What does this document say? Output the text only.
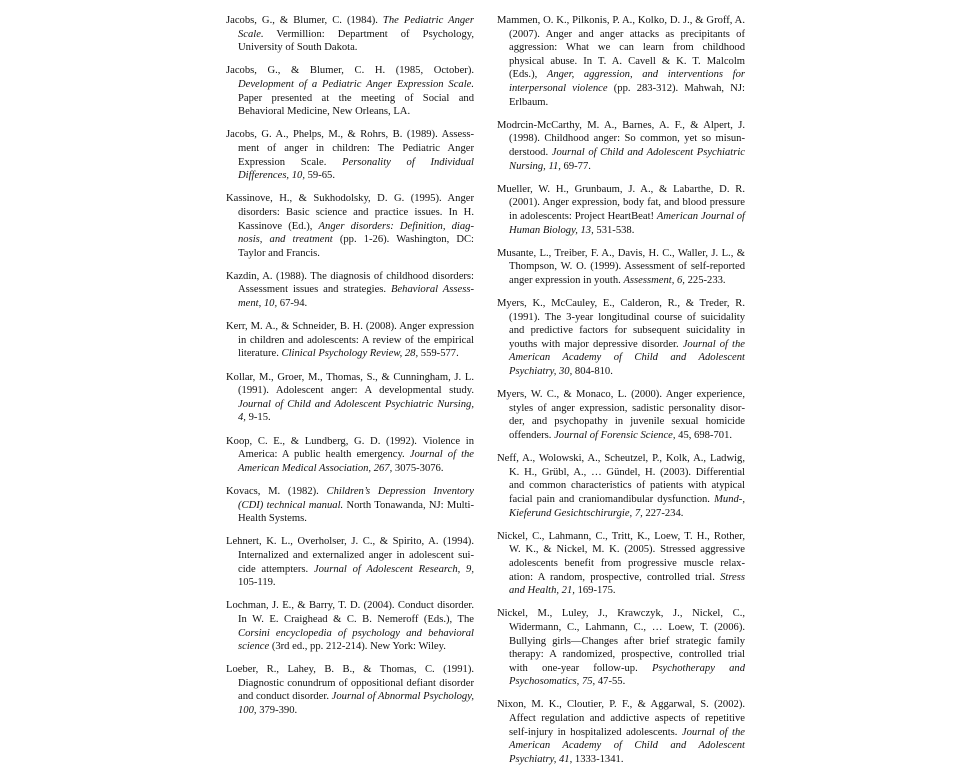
Jacobs, G., & Blumer, C. (1984). The Pediatric Anger Scale. Vermillion: Department of Psychology, University of South Dakota.

Jacobs, G., & Blumer, C. H. (1985, October). Development of a Pediatric Anger Expression Scale. Paper presented at the meeting of Social and Behavioral Medicine, New Orleans, LA.

Jacobs, G. A., Phelps, M., & Rohrs, B. (1989). Assessment of anger in children: The Pediatric Anger Expression Scale. Personality of Individual Differences, 10, 59-65.

Kassinove, H., & Sukhodolsky, D. G. (1995). Anger disorders: Basic science and practice issues. In H. Kassinove (Ed.), Anger disorders: Definition, diagnosis, and treatment (pp. 1-26). Washington, DC: Taylor and Francis.

Kazdin, A. (1988). The diagnosis of childhood disorders: Assessment issues and strategies. Behavioral Assessment, 10, 67-94.

Kerr, M. A., & Schneider, B. H. (2008). Anger expression in children and adolescents: A review of the empirical literature. Clinical Psychology Review, 28, 559-577.

Kollar, M., Groer, M., Thomas, S., & Cunningham, J. L. (1991). Adolescent anger: A developmental study. Journal of Child and Adolescent Psychiatric Nursing, 4, 9-15.

Koop, C. E., & Lundberg, G. D. (1992). Violence in America: A public health emergency. Journal of the American Medical Association, 267, 3075-3076.

Kovacs, M. (1982). Children’s Depression Inventory (CDI) technical manual. North Tonawanda, NJ: Multi-Health Systems.

Lehnert, K. L., Overholser, J. C., & Spirito, A. (1994). Internalized and externalized anger in adolescent suicide attempters. Journal of Adolescent Research, 9, 105-119.

Lochman, J. E., & Barry, T. D. (2004). Conduct disorder. In W. E. Craighead & C. B. Nemeroff (Eds.), The Corsini encyclopedia of psychology and behavioral science (3rd ed., pp. 212-214). New York: Wiley.

Loeber, R., Lahey, B. B., & Thomas, C. (1991). Diagnostic conundrum of oppositional defiant disorder and conduct disorder. Journal of Abnormal Psychology, 100, 379-390.

Mammen, O. K., Pilkonis, P. A., Kolko, D. J., & Groff, A. (2007). Anger and anger attacks as precipitants of aggression: What we can learn from childhood physical abuse. In T. A. Cavell & K. T. Malcolm (Eds.), Anger, aggression, and interventions for interpersonal violence (pp. 283-312). Mahwah, NJ: Erlbaum.

Modrcin-McCarthy, M. A., Barnes, A. F., & Alpert, J. (1998). Childhood anger: So common, yet so misunderstood. Journal of Child and Adolescent Psychiatric Nursing, 11, 69-77.

Mueller, W. H., Grunbaum, J. A., & Labarthe, D. R. (2001). Anger expression, body fat, and blood pressure in adolescents: Project HeartBeat! American Journal of Human Biology, 13, 531-538.

Musante, L., Treiber, F. A., Davis, H. C., Waller, J. L., & Thompson, W. O. (1999). Assessment of self-reported anger expression in youth. Assessment, 6, 225-233.

Myers, K., McCauley, E., Calderon, R., & Treder, R. (1991). The 3-year longitudinal course of suicidality and predictive factors for subsequent suicidality in youths with major depressive disorder. Journal of the American Academy of Child and Adolescent Psychiatry, 30, 804-810.

Myers, W. C., & Monaco, L. (2000). Anger experience, styles of anger expression, sadistic personality disorder, and psychopathy in juvenile sexual homicide offenders. Journal of Forensic Science, 45, 698-701.

Neff, A., Wolowski, A., Scheutzel, P., Kolk, A., Ladwig, K. H., Grübl, A., … Gündel, H. (2003). Differential and common characteristics of patients with atypical facial pain and craniomandibular dysfunction. Mund-, Kieferund Gesichtschirurgie, 7, 227-234.

Nickel, C., Lahmann, C., Tritt, K., Loew, T. H., Rother, W. K., & Nickel, M. K. (2005). Stressed aggressive adolescents benefit from progressive muscle relaxation: A random, prospective, controlled trial. Stress and Health, 21, 169-175.

Nickel, M., Luley, J., Krawczyk, J., Nickel, C., Widermann, C., Lahmann, C., … Loew, T. (2006). Bullying girls—Changes after brief strategic family therapy: A randomized, prospective, controlled trial with one-year follow-up. Psychotherapy and Psychosomatics, 75, 47-55.

Nixon, M. K., Cloutier, P. F., & Aggarwal, S. (2002). Affect regulation and addictive aspects of repetitive self-injury in hospitalized adolescents. Journal of the American Academy of Child and Adolescent Psychiatry, 41, 1333-1341.
